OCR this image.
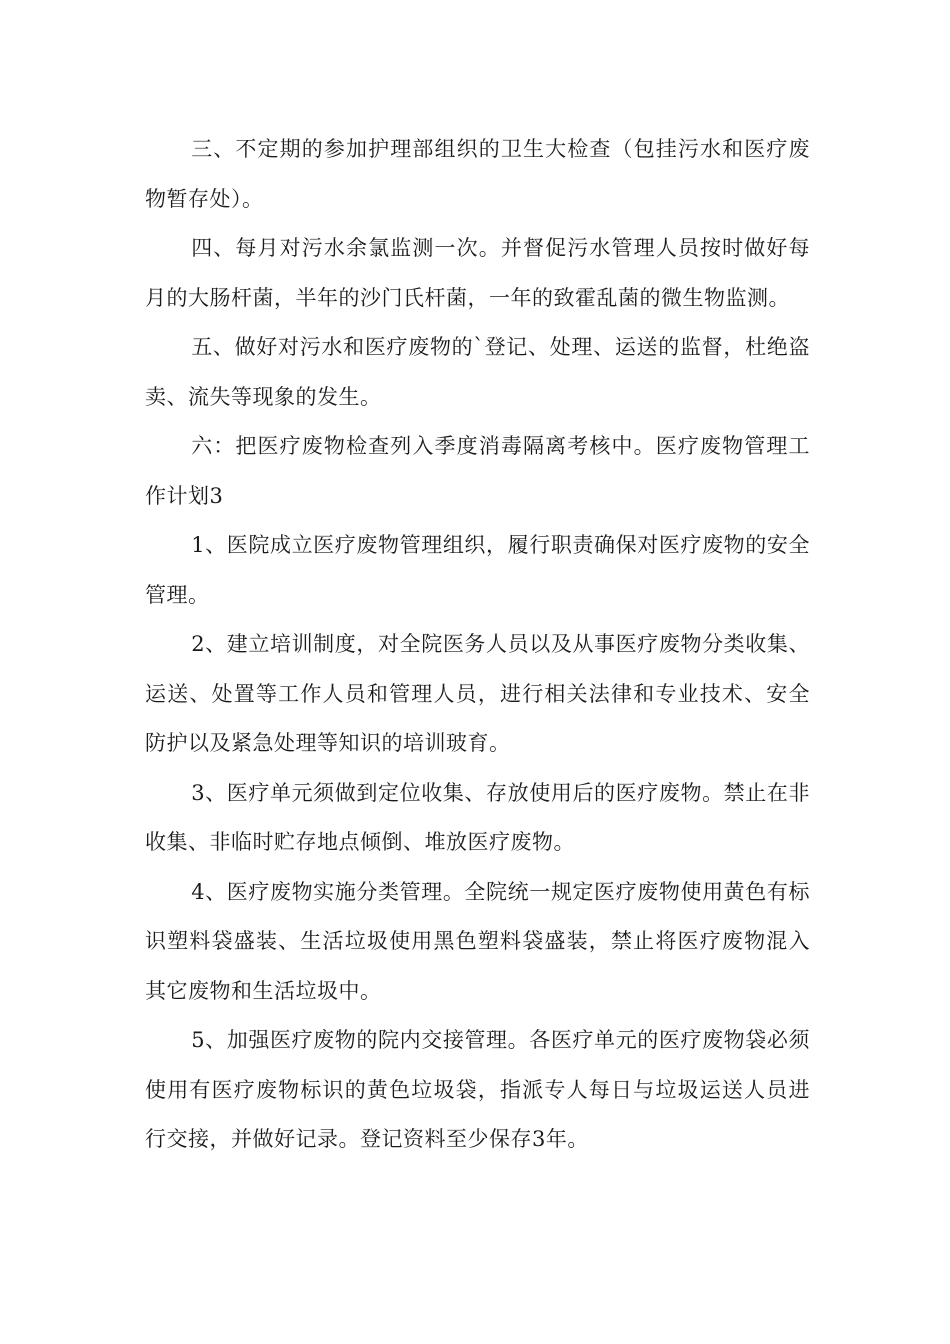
三、不定期的参加护理部组织的卫生大检查（包挂污水和医疗废物暂存处）。

四、每月对污水余氯监测一次。并督促污水管理人员按时做好每月的大肠杆菌，半年的沙门氏杆菌，一年的致霍乱菌的微生物监测。

五、做好对污水和医疗废物的`登记、处理、运送的监督，杜绝盗卖、流失等现象的发生。

六：把医疗废物检查列入季度消毒隔离考核中。医疗废物管理工作计划3

1、医院成立医疗废物管理组织，履行职责确保对医疗废物的安全管理。

2、建立培训制度，对全院医务人员以及从事医疗废物分类收集、运送、处置等工作人员和管理人员，进行相关法律和专业技术、安全防护以及紧急处理等知识的培训玻育。

3、医疗单元须做到定位收集、存放使用后的医疗废物。禁止在非收集、非临时贮存地点倾倒、堆放医疗废物。

4、医疗废物实施分类管理。全院统一规定医疗废物使用黄色有标识塑料袋盛装、生活垃圾使用黑色塑料袋盛装，禁止将医疗废物混入其它废物和生活垃圾中。

5、加强医疗废物的院内交接管理。各医疗单元的医疗废物袋必须使用有医疗废物标识的黄色垃圾袋，指派专人每日与垃圾运送人员进行交接，并做好记录。登记资料至少保存3年。
